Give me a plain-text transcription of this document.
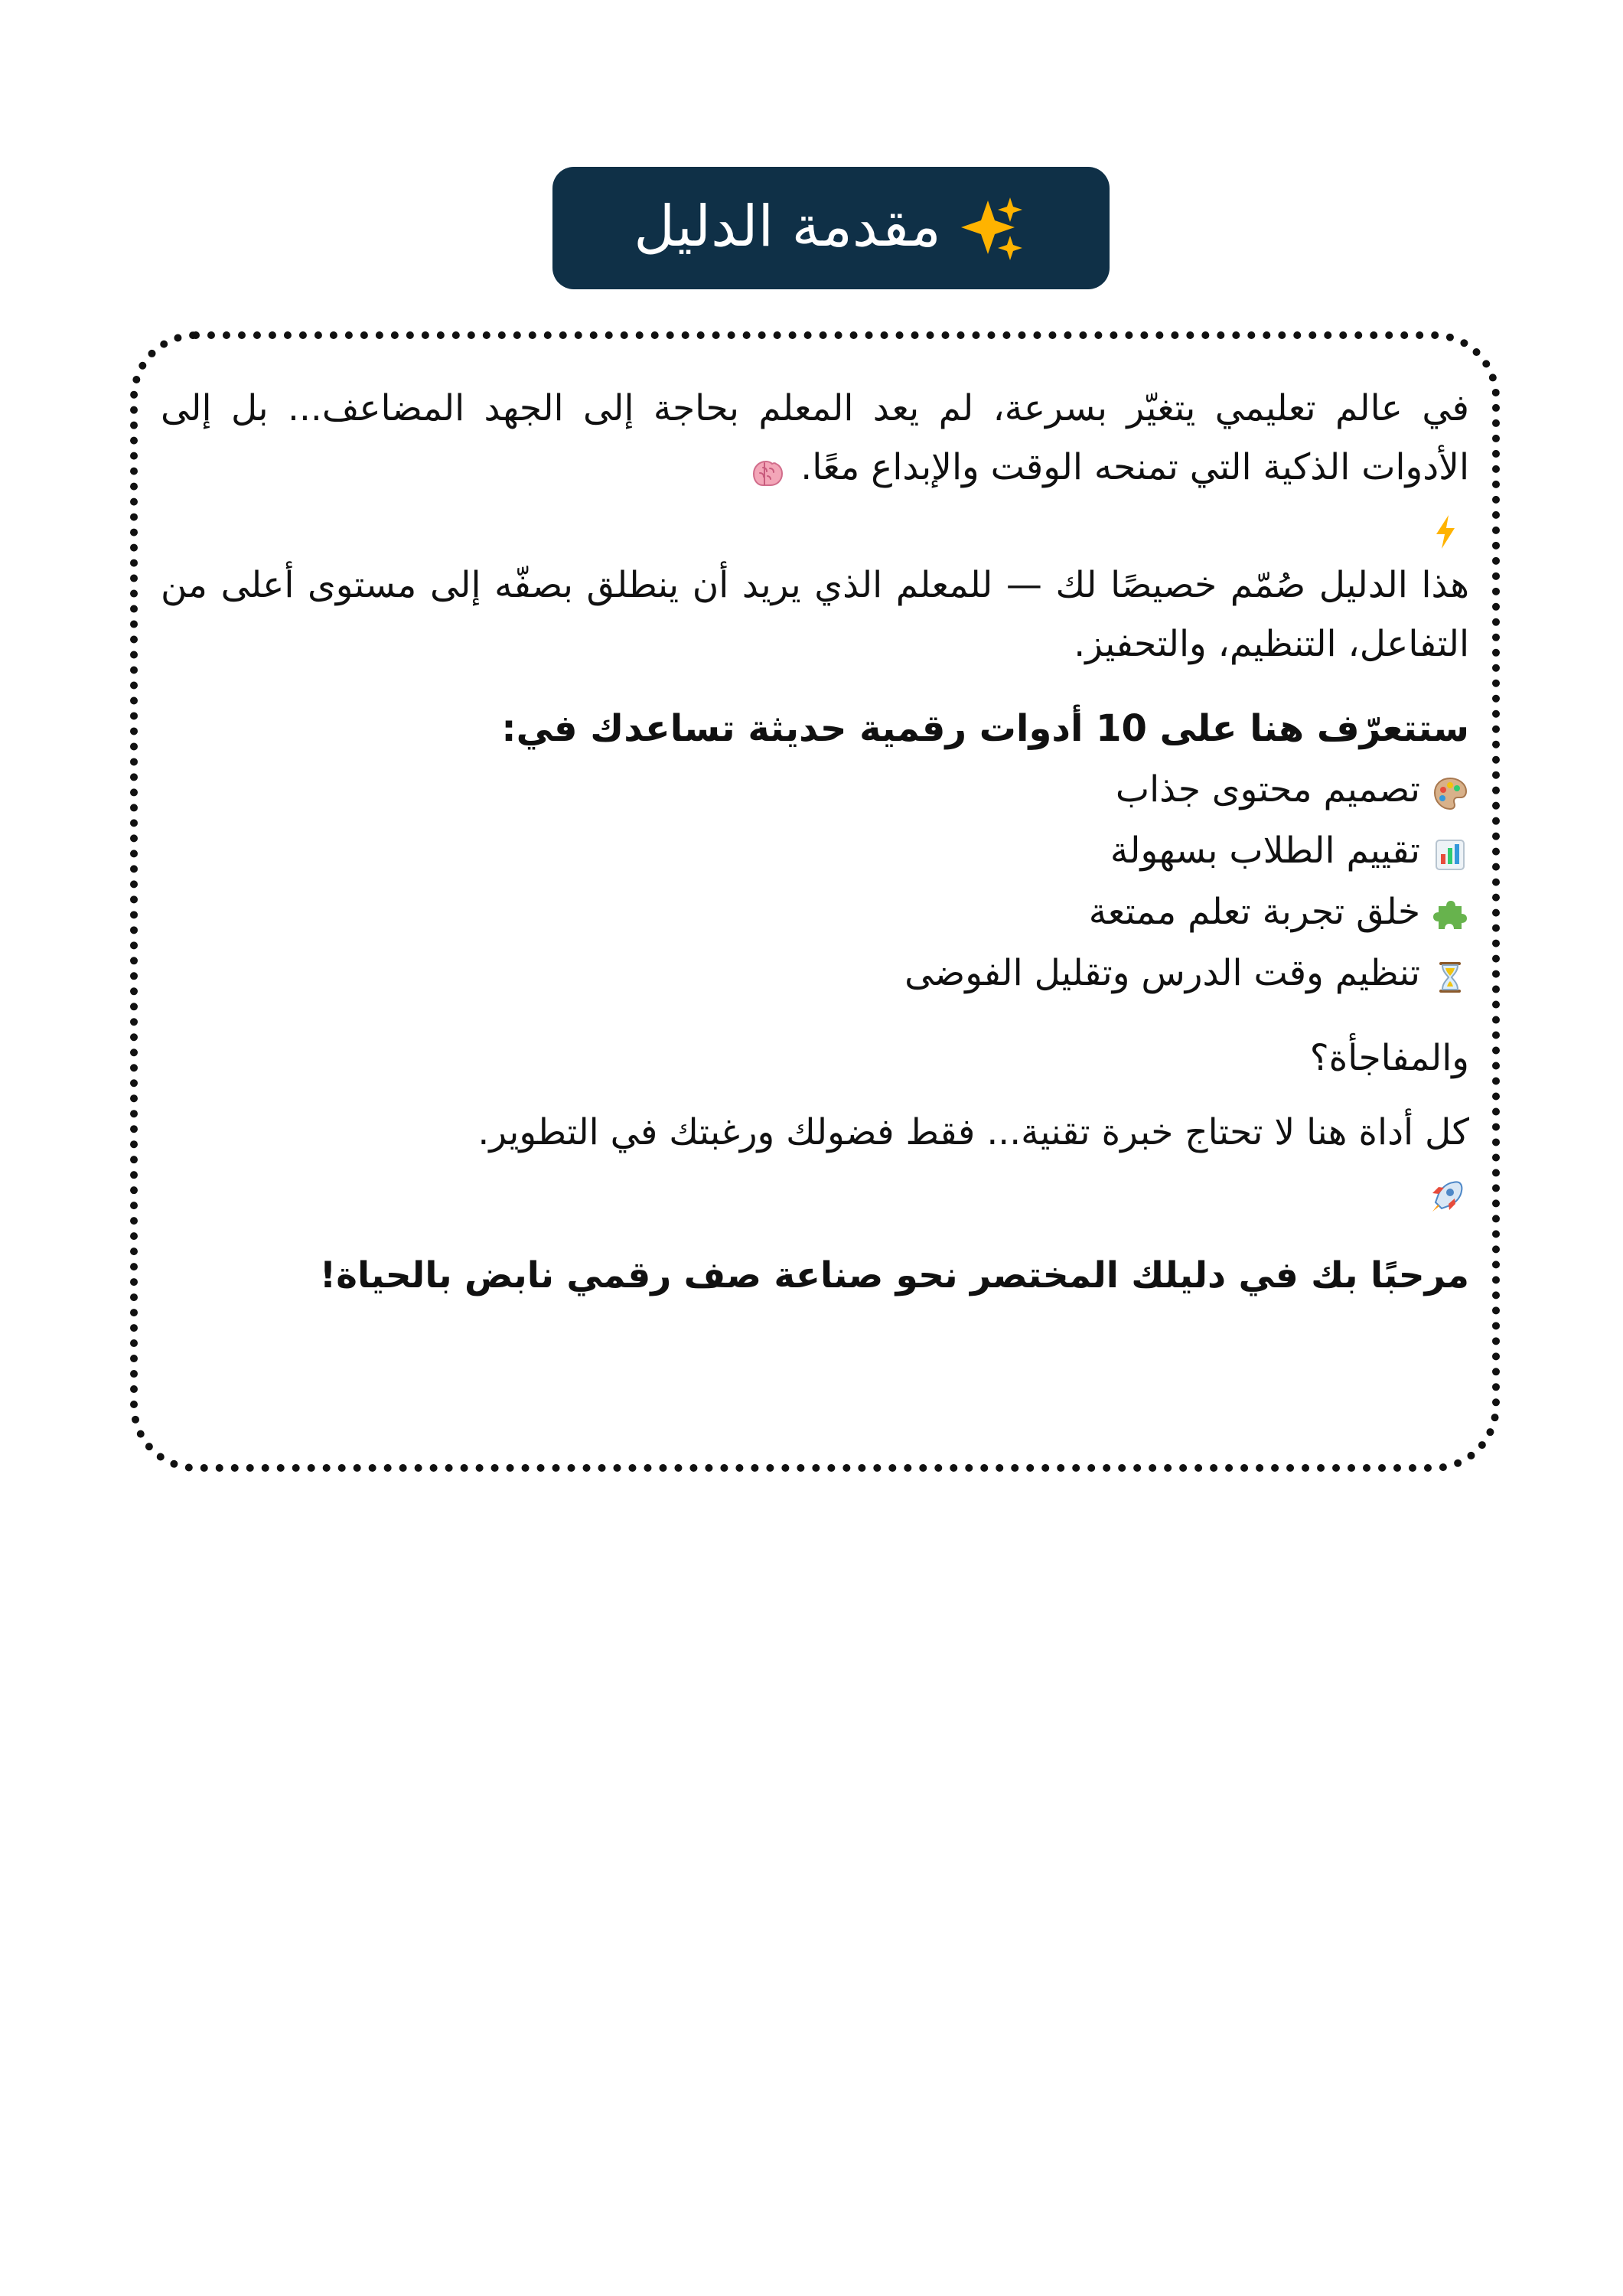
مقدمة الدليل

في عالم تعليمي يتغيّر بسرعة، لم يعد المعلم بحاجة إلى الجهد المضاعف... بل إلى الأدوات الذكية التي تمنحه الوقت والإبداع معًا.

هذا الدليل صُمّم خصيصًا لك — للمعلم الذي يريد أن ينطلق بصفّه إلى مستوى أعلى من التفاعل، التنظيم، والتحفيز.

ستتعرّف هنا على 10 أدوات رقمية حديثة تساعدك في:

تصميم محتوى جذاب
تقييم الطلاب بسهولة
خلق تجربة تعلم ممتعة
تنظيم وقت الدرس وتقليل الفوضى

والمفاجأة؟

كل أداة هنا لا تحتاج خبرة تقنية... فقط فضولك ورغبتك في التطوير.

مرحبًا بك في دليلك المختصر نحو صناعة صف رقمي نابض بالحياة!
